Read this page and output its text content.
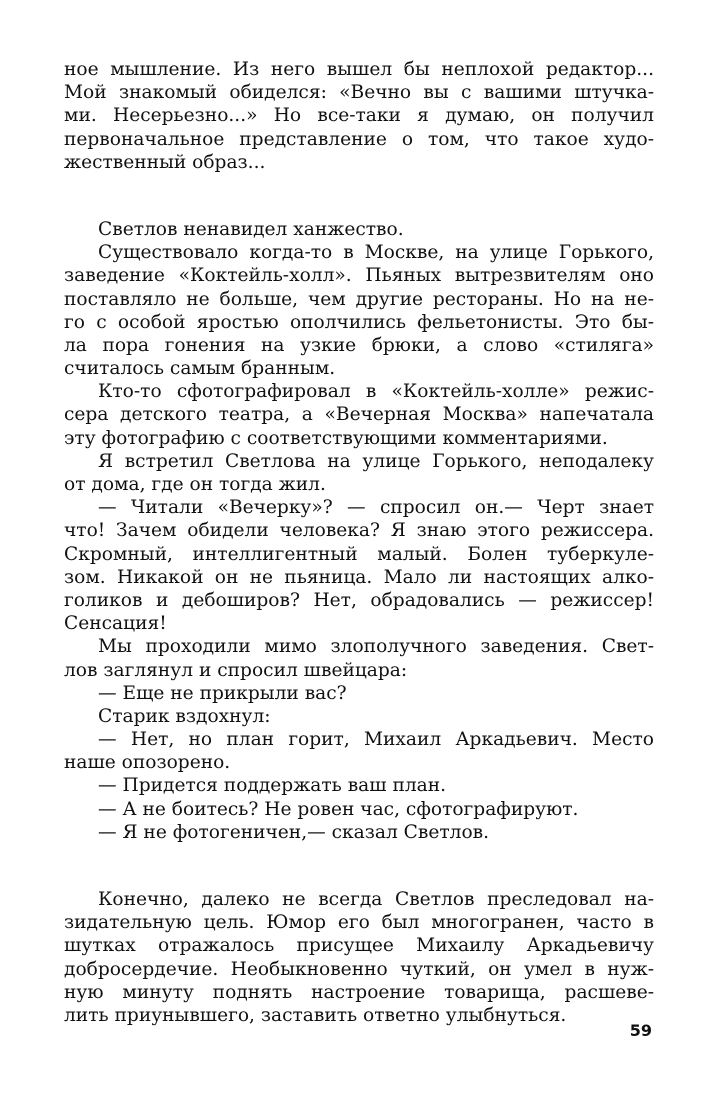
ное мышление. Из него вышел бы неплохой редактор...
Мой знакомый обиделся: «Вечно вы с вашими штучка-
ми. Несерьезно...» Но все-таки я думаю, он получил
первоначальное представление о том, что такое худо-
жественный образ...
Светлов ненавидел ханжество.
Существовало когда-то в Москве, на улице Горького,
заведение «Коктейль-холл». Пьяных вытрезвителям оно
поставляло не больше, чем другие рестораны. Но на не-
го с особой яростью ополчились фельетонисты. Это бы-
ла пора гонения на узкие брюки, а слово «стиляга»
считалось самым бранным.
Кто-то сфотографировал в «Коктейль-холле» режис-
сера детского театра, а «Вечерная Москва» напечатала
эту фотографию с соответствующими комментариями.
Я встретил Светлова на улице Горького, неподалеку
от дома, где он тогда жил.
— Читали «Вечерку»? — спросил он.— Черт знает
что! Зачем обидели человека? Я знаю этого режиссера.
Скромный, интеллигентный малый. Болен туберкуле-
зом. Никакой он не пьяница. Мало ли настоящих алко-
голиков и дебоширов? Нет, обрадовались — режиссер!
Сенсация!
Мы проходили мимо злополучного заведения. Свет-
лов заглянул и спросил швейцара:
— Еще не прикрыли вас?
Старик вздохнул:
— Нет, но план горит, Михаил Аркадьевич. Место
наше опозорено.
— Придется поддержать ваш план.
— А не боитесь? Не ровен час, сфотографируют.
— Я не фотогеничен,— сказал Светлов.
Конечно, далеко не всегда Светлов преследовал на-
зидательную цель. Юмор его был многогранен, часто в
шутках отражалось присущее Михаилу Аркадьевичу
добросердечие. Необыкновенно чуткий, он умел в нуж-
ную минуту поднять настроение товарища, расшеве-
лить приунывшего, заставить ответно улыбнуться.
59
